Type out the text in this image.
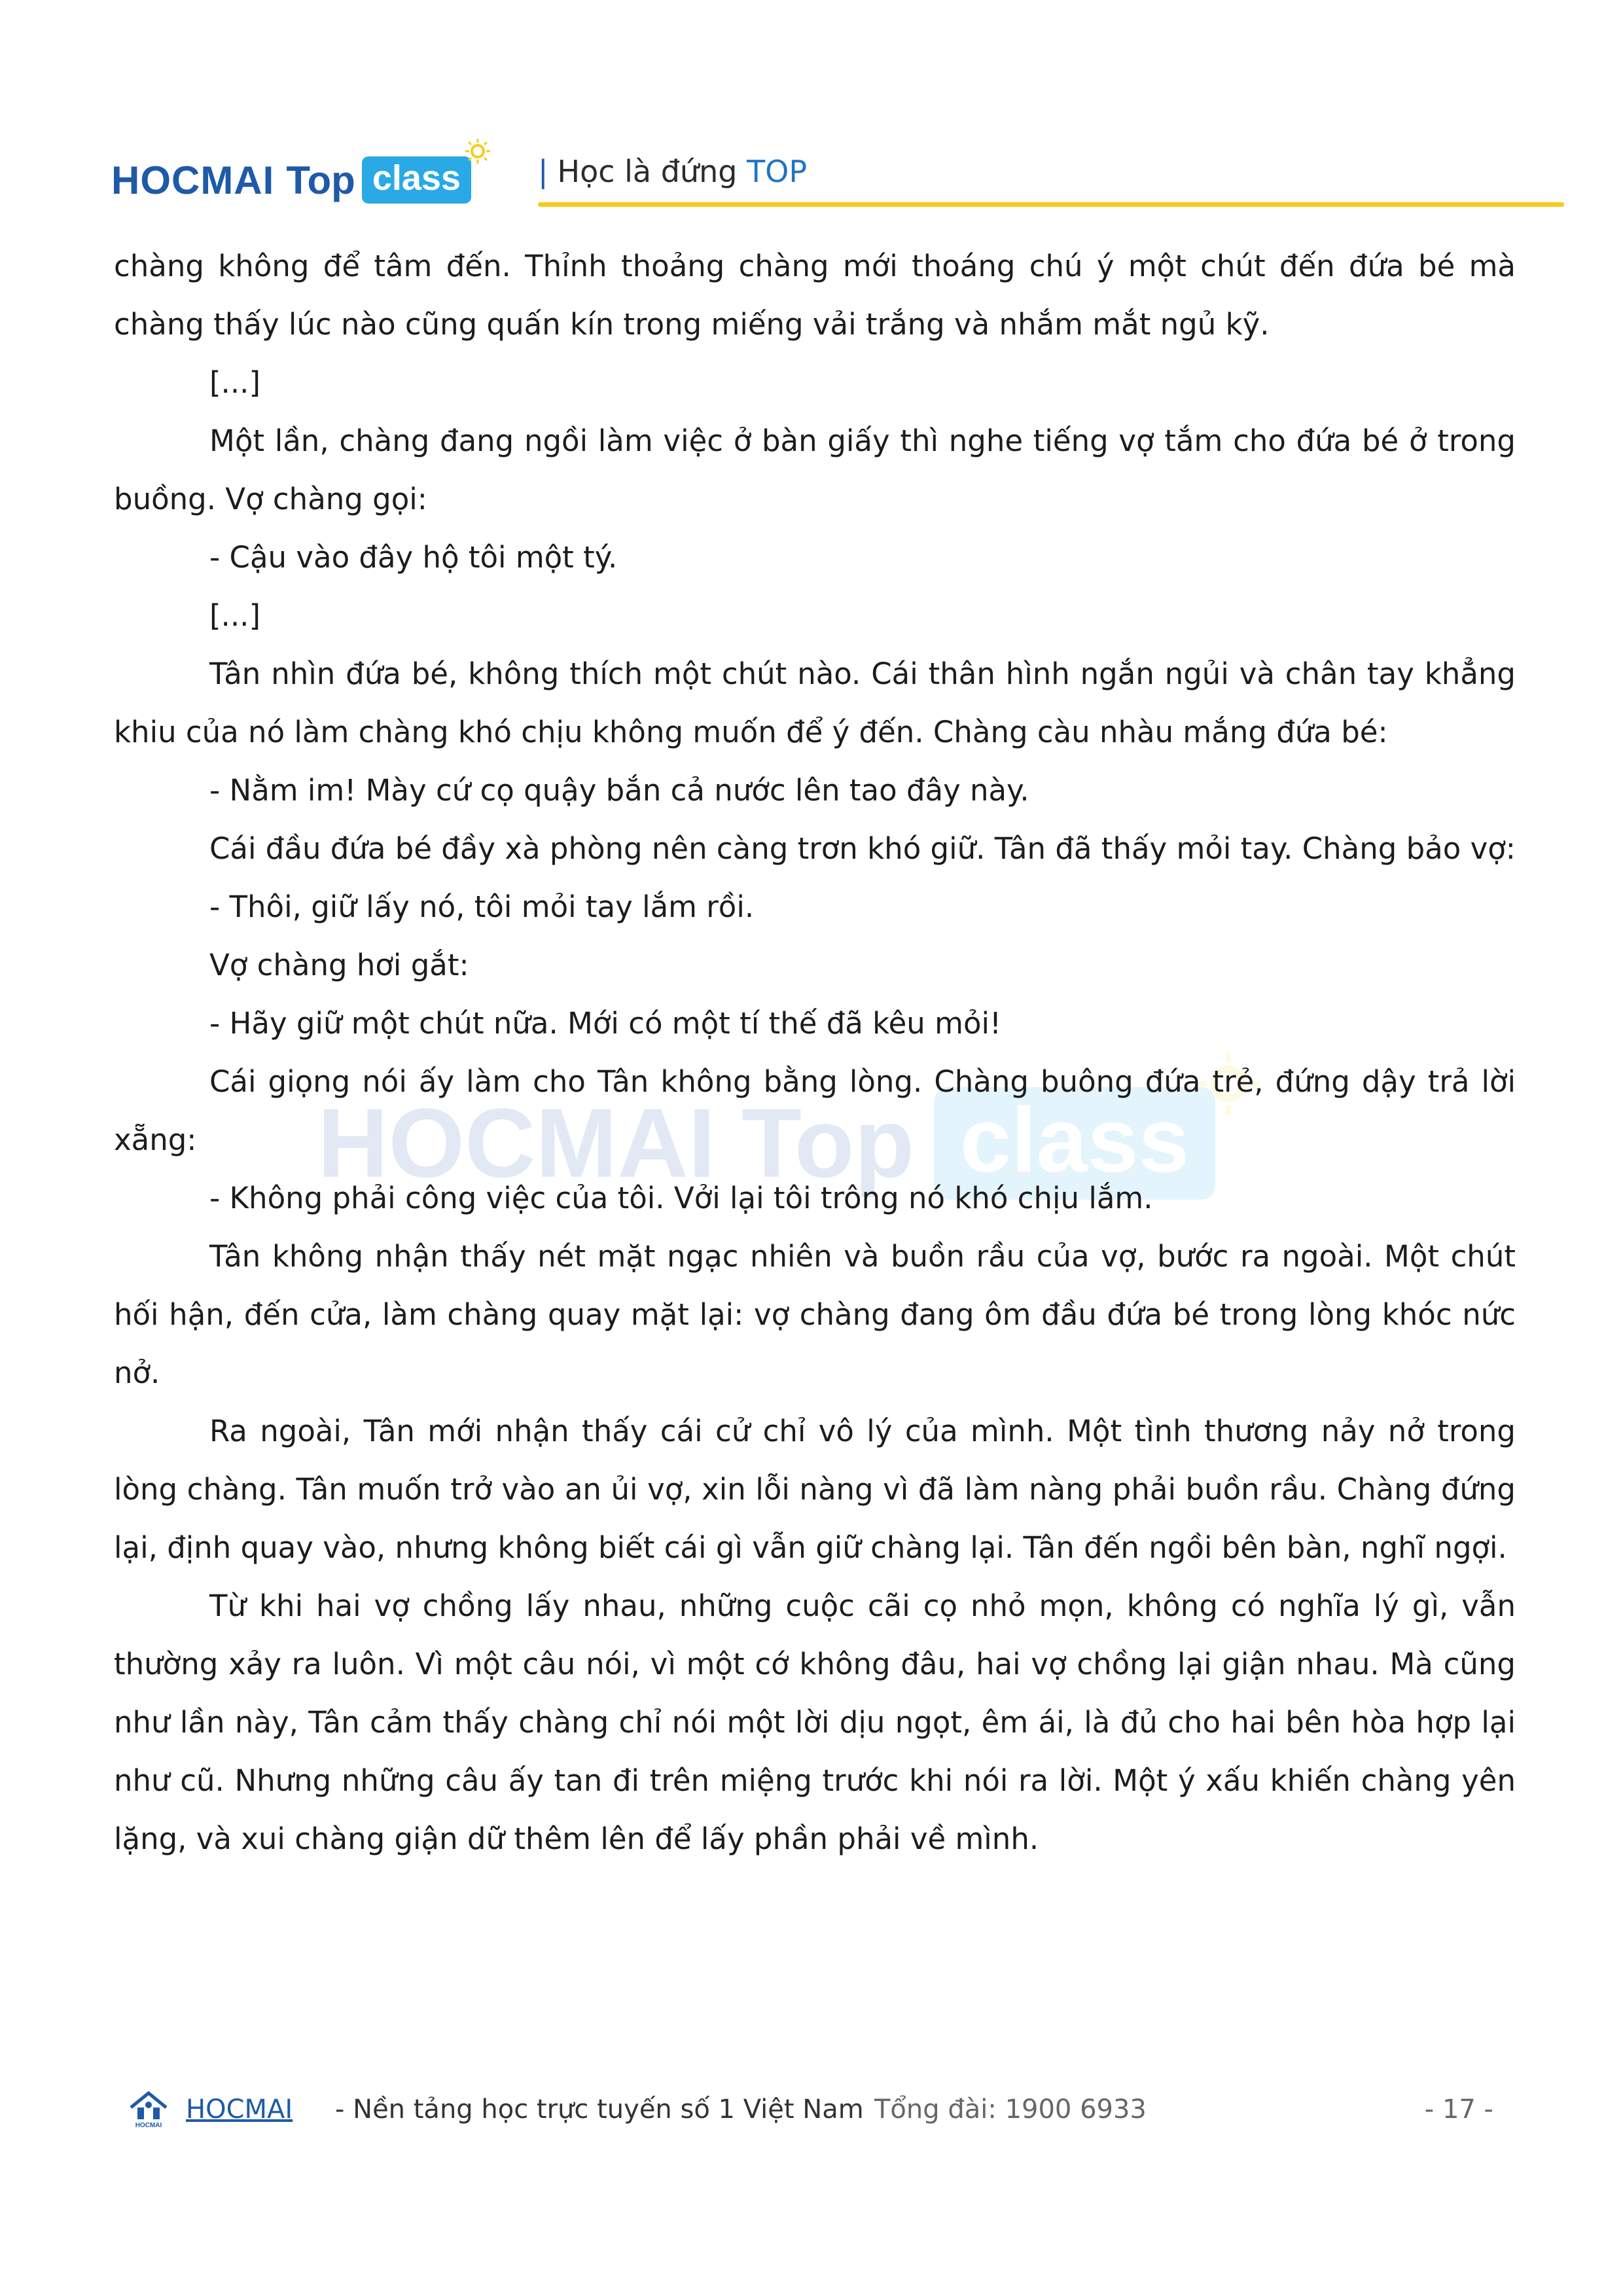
HOCMAI Top class	| Học là đứng TOP
HOCMAI Top class

chàng không để tâm đến. Thỉnh thoảng chàng mới thoáng chú ý một chút đến đứa bé mà chàng thấy lúc nào cũng quấn kín trong miếng vải trắng và nhắm mắt ngủ kỹ.

[...]

Một lần, chàng đang ngồi làm việc ở bàn giấy thì nghe tiếng vợ tắm cho đứa bé ở trong buồng. Vợ chàng gọi:

- Cậu vào đây hộ tôi một tý.

[...]

Tân nhìn đứa bé, không thích một chút nào. Cái thân hình ngắn ngủi và chân tay khẳng khiu của nó làm chàng khó chịu không muốn để ý đến. Chàng càu nhàu mắng đứa bé:

- Nằm im! Mày cứ cọ quậy bắn cả nước lên tao đây này.

Cái đầu đứa bé đầy xà phòng nên càng trơn khó giữ. Tân đã thấy mỏi tay. Chàng bảo vợ:

- Thôi, giữ lấy nó, tôi mỏi tay lắm rồi.

Vợ chàng hơi gắt:

- Hãy giữ một chút nữa. Mới có một tí thế đã kêu mỏi!

Cái giọng nói ấy làm cho Tân không bằng lòng. Chàng buông đứa trẻ, đứng dậy trả lời xẵng:

- Không phải công việc của tôi. Vởi lại tôi trông nó khó chịu lắm.

Tân không nhận thấy nét mặt ngạc nhiên và buồn rầu của vợ, bước ra ngoài. Một chút hối hận, đến cửa, làm chàng quay mặt lại: vợ chàng đang ôm đầu đứa bé trong lòng khóc nức nở.

Ra ngoài, Tân mới nhận thấy cái cử chỉ vô lý của mình. Một tình thương nảy nở trong lòng chàng. Tân muốn trở vào an ủi vợ, xin lỗi nàng vì đã làm nàng phải buồn rầu. Chàng đứng lại, định quay vào, nhưng không biết cái gì vẫn giữ chàng lại. Tân đến ngồi bên bàn, nghĩ ngợi.

Từ khi hai vợ chồng lấy nhau, những cuộc cãi cọ nhỏ mọn, không có nghĩa lý gì, vẫn thường xảy ra luôn. Vì một câu nói, vì một cớ không đâu, hai vợ chồng lại giận nhau. Mà cũng như lần này, Tân cảm thấy chàng chỉ nói một lời dịu ngọt, êm ái, là đủ cho hai bên hòa hợp lại như cũ. Nhưng những câu ấy tan đi trên miệng trước khi nói ra lời. Một ý xấu khiến chàng yên lặng, và xui chàng giận dữ thêm lên để lấy phần phải về mình.

HOCMAI
HOCMAI - Nền tảng học trực tuyến số 1 Việt Nam Tổng đài: 1900 6933	- 17 -
